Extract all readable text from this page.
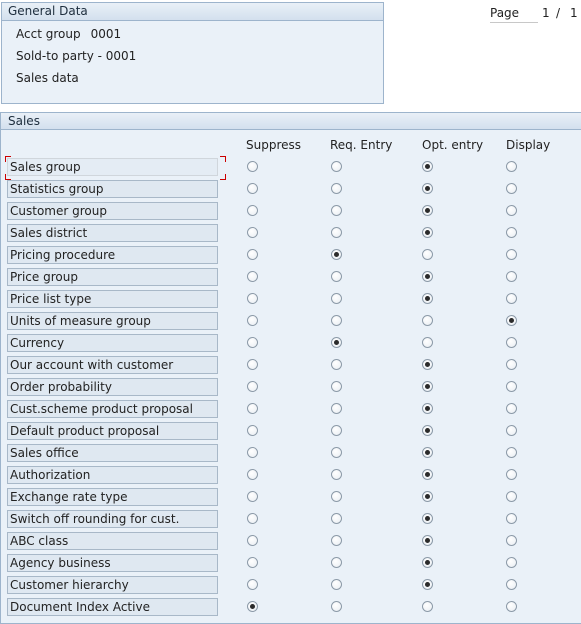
General Data
Acct group 0001
Sold-to party - 0001
Sales data
Page 1 / 1
Sales
Suppress Req. Entry Opt. entry Display
Sales group
Statistics group
Customer group
Sales district
Pricing procedure
Price group
Price list type
Units of measure group
Currency
Our account with customer
Order probability
Cust.scheme product proposal
Default product proposal
Sales office
Authorization
Exchange rate type
Switch off rounding for cust.
ABC class
Agency business
Customer hierarchy
Document Index Active
